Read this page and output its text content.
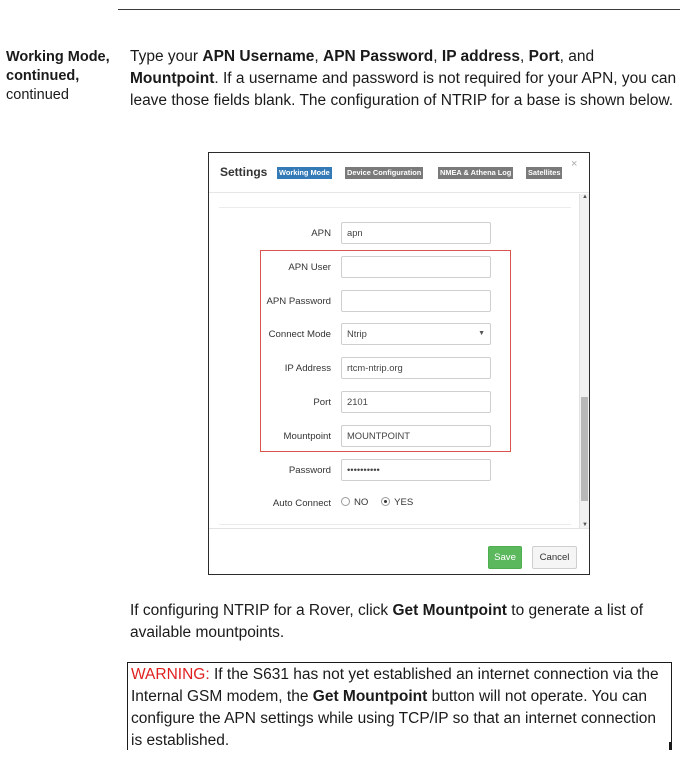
Working Mode,
continued,
continued

Type your APN Username, APN Password, IP address, Port, and Mountpoint. If a username and password is not required for your APN, you can leave those fields blank. The configuration of NTRIP for a base is shown below.

Settings Working Mode Device Configuration	NMEA & Athena Log Satellites
×
APN	apn
APN User
APN Password
Connect Mode	Ntrip	▼
IP Address	rtcm-ntrip.org
Port	2101
Mountpoint	MOUNTPOINT
Password	••••••••••
Auto Connect	NO	YES
▲
▼
Save	Cancel

If configuring NTRIP for a Rover, click Get Mountpoint to generate a list of available mountpoints.

WARNING: If the S631 has not yet established an internet connection via the Internal GSM modem, the Get Mountpoint button will not operate. You can configure the APN settings while using TCP/IP so that an internet connection is established.
